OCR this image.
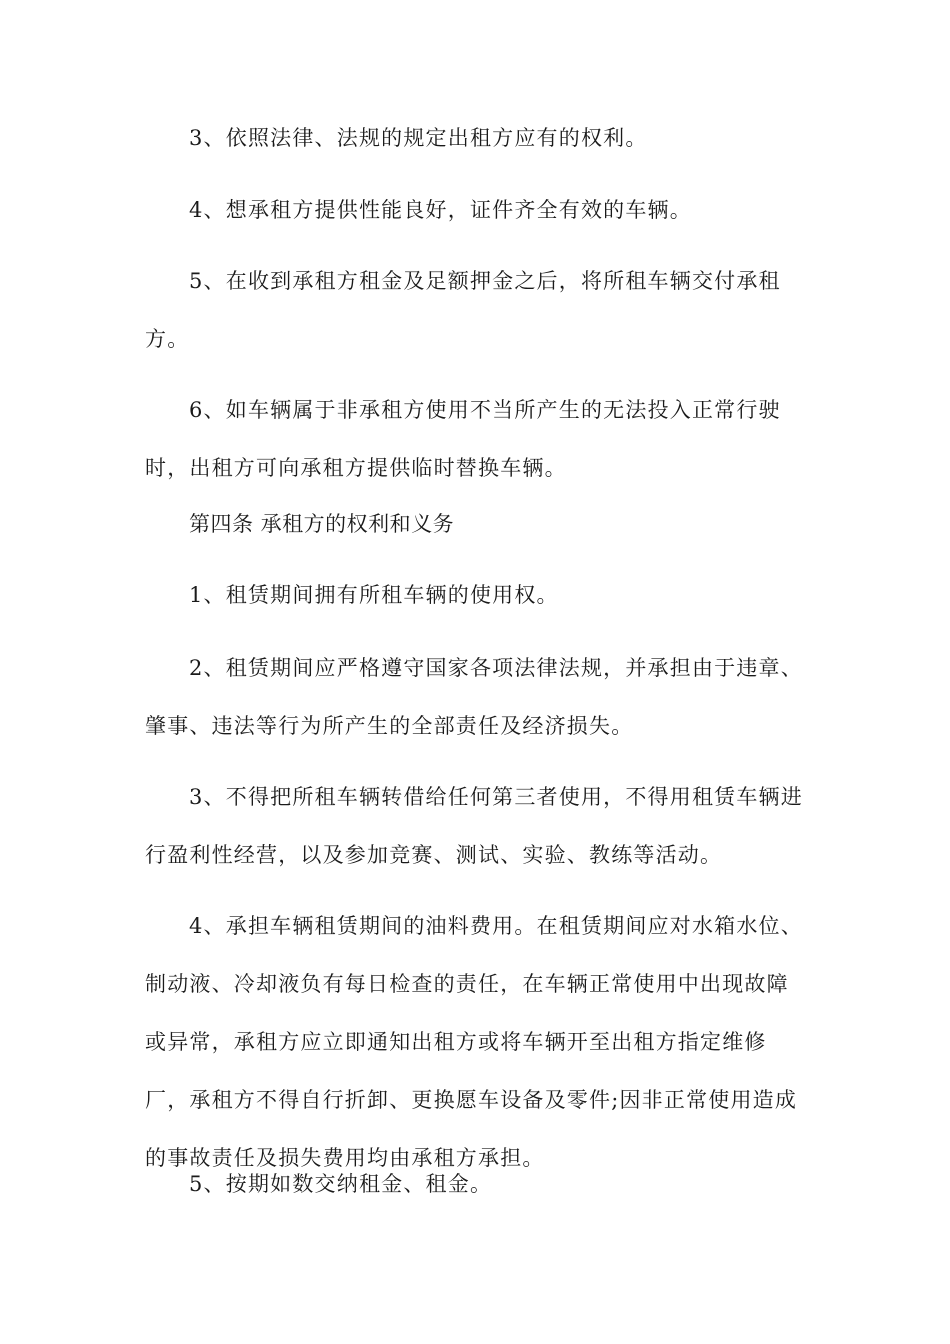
3、依照法律、法规的规定出租方应有的权利。

4、想承租方提供性能良好，证件齐全有效的车辆。

5、在收到承租方租金及足额押金之后，将所租车辆交付承租方。

6、如车辆属于非承租方使用不当所产生的无法投入正常行驶时，出租方可向承租方提供临时替换车辆。

第四条 承租方的权利和义务

1、租赁期间拥有所租车辆的使用权。

2、租赁期间应严格遵守国家各项法律法规，并承担由于违章、肇事、违法等行为所产生的全部责任及经济损失。

3、不得把所租车辆转借给任何第三者使用，不得用租赁车辆进行盈利性经营，以及参加竞赛、测试、实验、教练等活动。

4、承担车辆租赁期间的油料费用。在租赁期间应对水箱水位、制动液、冷却液负有每日检查的责任，在车辆正常使用中出现故障或异常，承租方应立即通知出租方或将车辆开至出租方指定维修厂，承租方不得自行折卸、更换愿车设备及零件;因非正常使用造成的事故责任及损失费用均由承租方承担。

5、按期如数交纳租金、租金。
